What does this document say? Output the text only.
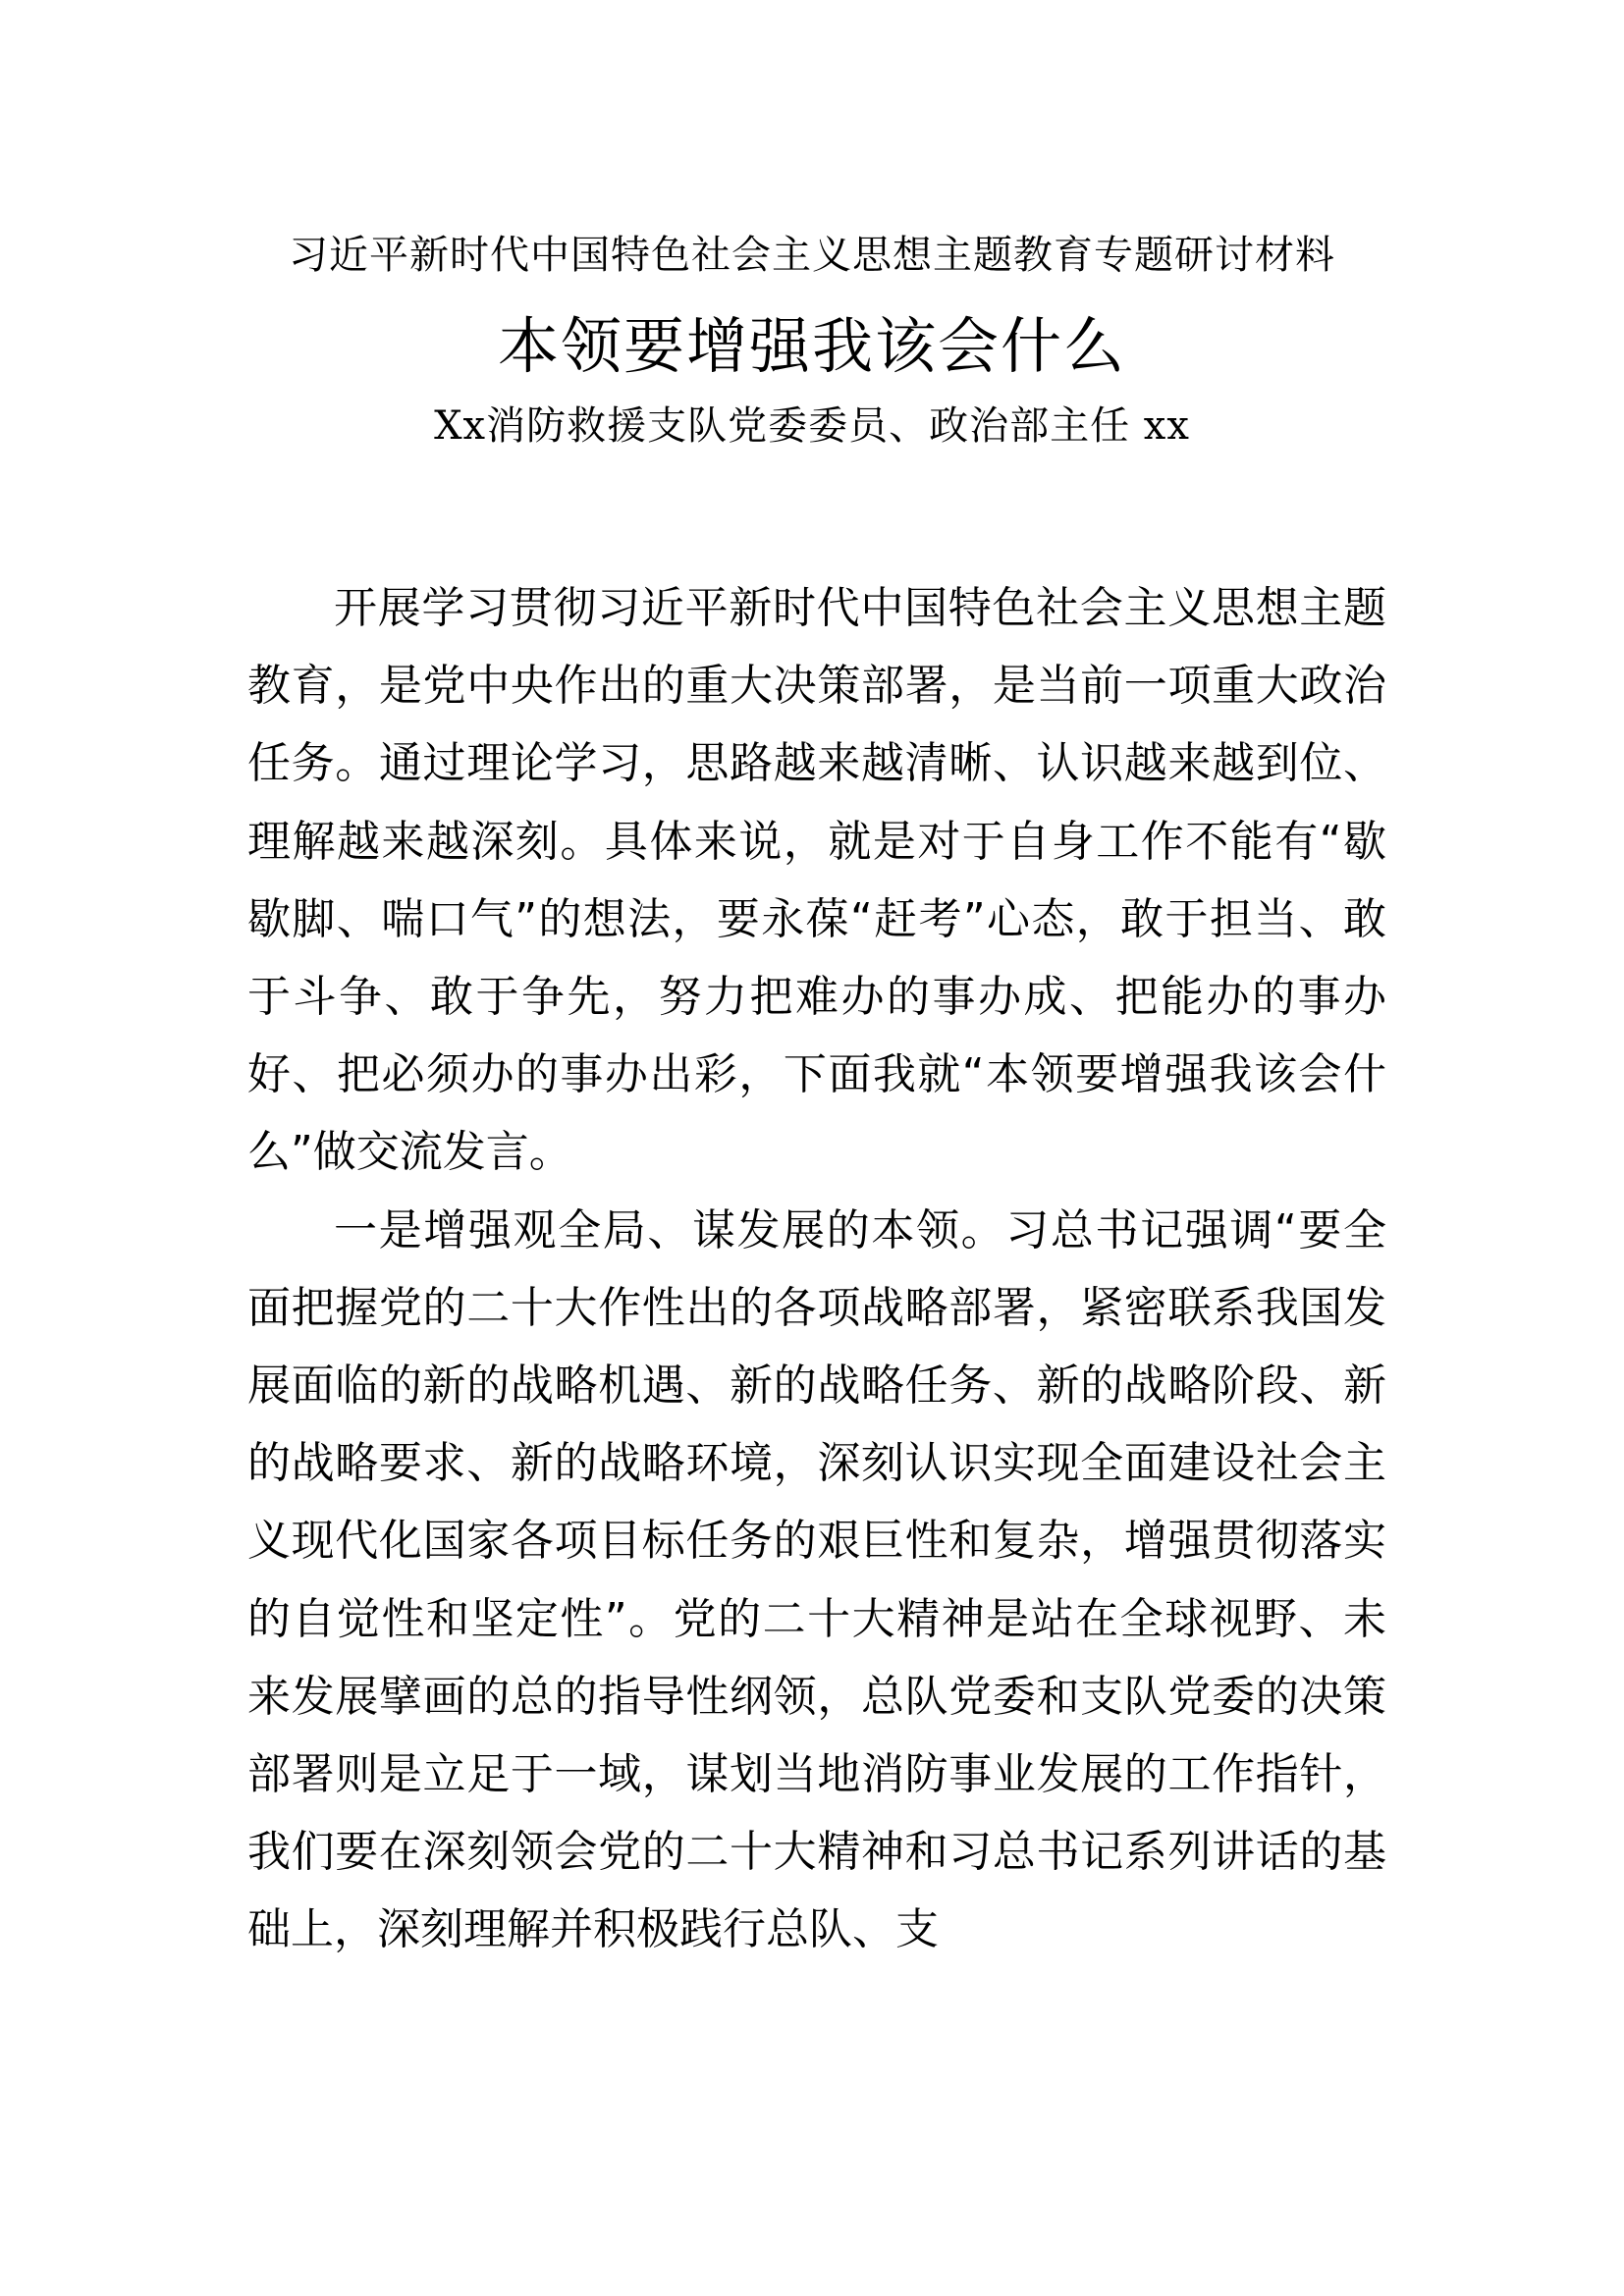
习近平新时代中国特色社会主义思想主题教育专题研讨材料
本领要增强我该会什么
Xx消防救援支队党委委员、政治部主任 xx

开展学习贯彻习近平新时代中国特色社会主义思想主题教育，是党中央作出的重大决策部署，是当前一项重大政治任务。通过理论学习，思路越来越清晰、认识越来越到位、理解越来越深刻。具体来说，就是对于自身工作不能有“歇歇脚、喘口气”的想法，要永葆“赶考”心态，敢于担当、敢于斗争、敢于争先，努力把难办的事办成、把能办的事办好、把必须办的事办出彩，下面我就“本领要增强我该会什么”做交流发言。

一是增强观全局、谋发展的本领。习总书记强调“要全面把握党的二十大作性出的各项战略部署，紧密联系我国发展面临的新的战略机遇、新的战略任务、新的战略阶段、新的战略要求、新的战略环境，深刻认识实现全面建设社会主义现代化国家各项目标任务的艰巨性和复杂，增强贯彻落实的自觉性和坚定性”。党的二十大精神是站在全球视野、未来发展擘画的总的指导性纲领，总队党委和支队党委的决策部署则是立足于一域，谋划当地消防事业发展的工作指针，我们要在深刻领会党的二十大精神和习总书记系列讲话的基础上，深刻理解并积极践行总队、支
